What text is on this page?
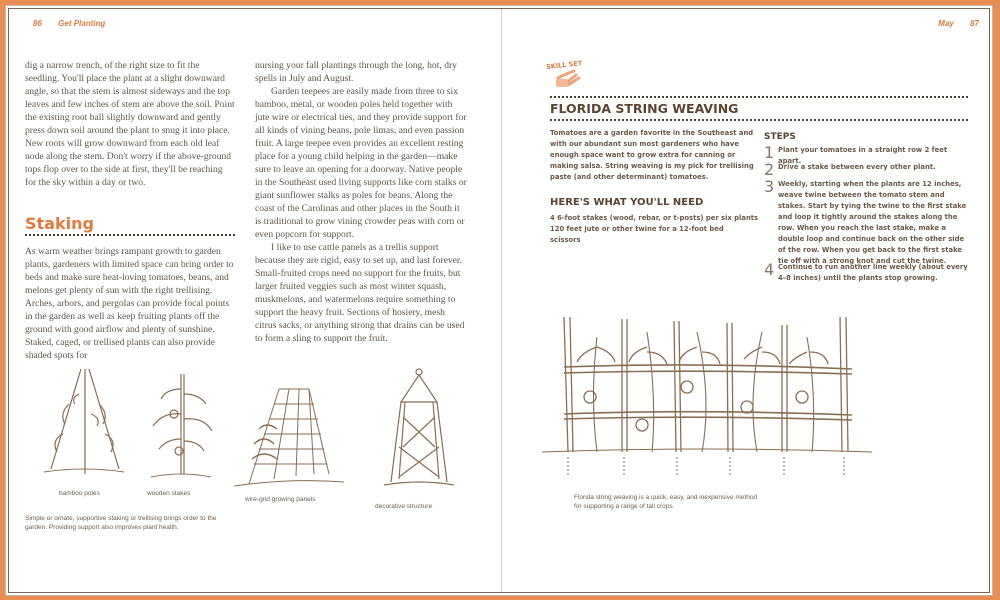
86 Get Planting

dig a narrow trench, of the right size to fit the seedling. You'll place the plant at a slight downward angle, so that the stem is almost sideways and the top leaves and few inches of stem are above the soil. Point the existing root ball slightly downward and gently press down soil around the plant to snug it into place. New roots will grow downward from each old leaf node along the stem. Don't worry if the above-ground tops flop over to the side at first, they'll be reaching for the sky within a day or two.

Staking

As warm weather brings rampant growth to garden plants, gardeners with limited space can bring order to beds and make sure heat-loving tomatoes, beans, and melons get plenty of sun with the right trellising. Arches, arbors, and pergolas can provide focal points in the garden as well as keep fruiting plants off the ground with good airflow and plenty of sunshine. Staked, caged, or trellised plants can also provide shaded spots for

nursing your fall plantings through the long, hot, dry spells in July and August.

Garden teepees are easily made from three to six bamboo, metal, or wooden poles held together with jute wire or electrical ties, and they provide support for all kinds of vining beans, pole limas, and even passion fruit. A large teepee even provides an excellent resting place for a young child helping in the garden—make sure to leave an opening for a doorway. Native people in the Southeast used living supports like corn stalks or giant sunflower stalks as poles for beans. Along the coast of the Carolinas and other places in the South it is traditional to grow vining crowder peas with corn or even popcorn for support.

I like to use cattle panels as a trellis support because they are rigid, easy to set up, and last forever. Small-fruited crops need no support for the fruits, but larger fruited veggies such as most winter squash, muskmelons, and watermelons require something to support the heavy fruit. Sections of hosiery, mesh citrus sacks, or anything strong that drains can be used to form a sling to support the fruit.

bamboo poles	wooden stakes
wire-grid growing panels
decorative structure
Simple or ornate, supportive staking or trellising brings order to the garden. Providing support also improves plant health.
May 87
SKILL SET
FLORIDA STRING WEAVING
Tomatoes are a garden favorite in the Southeast and with our abundant sun most gardeners who have enough space want to grow extra for canning or making salsa. String weaving is my pick for trellising paste (and other determinant) tomatoes.
HERE'S WHAT YOU'LL NEED
4 6-foot stakes (wood, rebar, or t-posts) per six plants
120 feet jute or other twine for a 12-foot bed
scissors
STEPS
1 Plant your tomatoes in a straight row 2 feet apart.
2 Drive a stake between every other plant.
3 Weekly, starting when the plants are 12 inches, weave twine between the tomato stem and stakes. Start by tying the twine to the first stake and loop it tightly around the stakes along the row. When you reach the last stake, make a double loop and continue back on the other side of the row. When you get back to the first stake tie off with a strong knot and cut the twine.
4 Continue to run another line weekly (about every 4–8 inches) until the plants stop growing.
Florida string weaving is a quick, easy, and inexpensive method for supporting a range of tall crops.
